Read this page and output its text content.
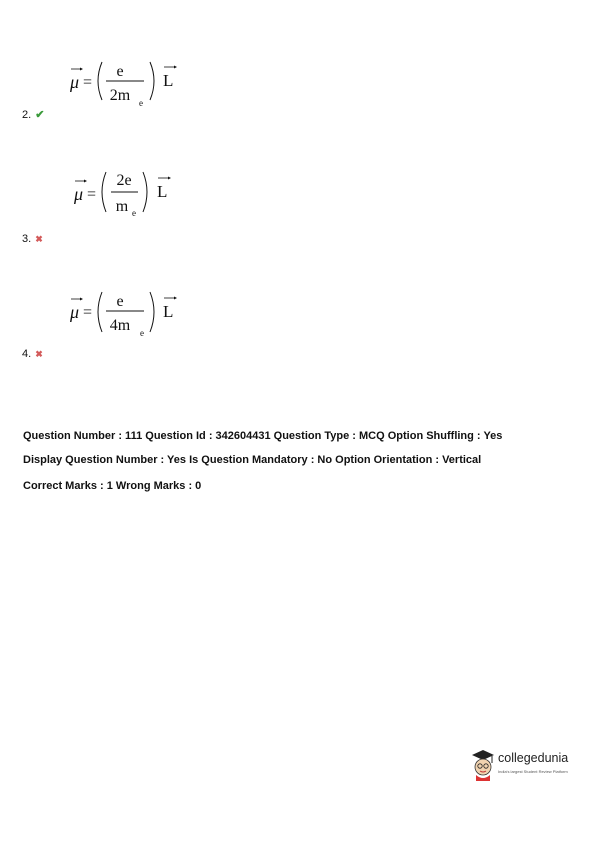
μ =
e
2m e
L
2. ✔
μ =
2e
m e
L
3. ✖
μ =
e
4m e
L
4. ✖
Question Number : 111 Question Id : 342604431 Question Type : MCQ Option Shuffling : Yes
Display Question Number : Yes Is Question Mandatory : No Option Orientation : Vertical
Correct Marks : 1 Wrong Marks : 0
collegedunia
India's largest Student Review Platform
